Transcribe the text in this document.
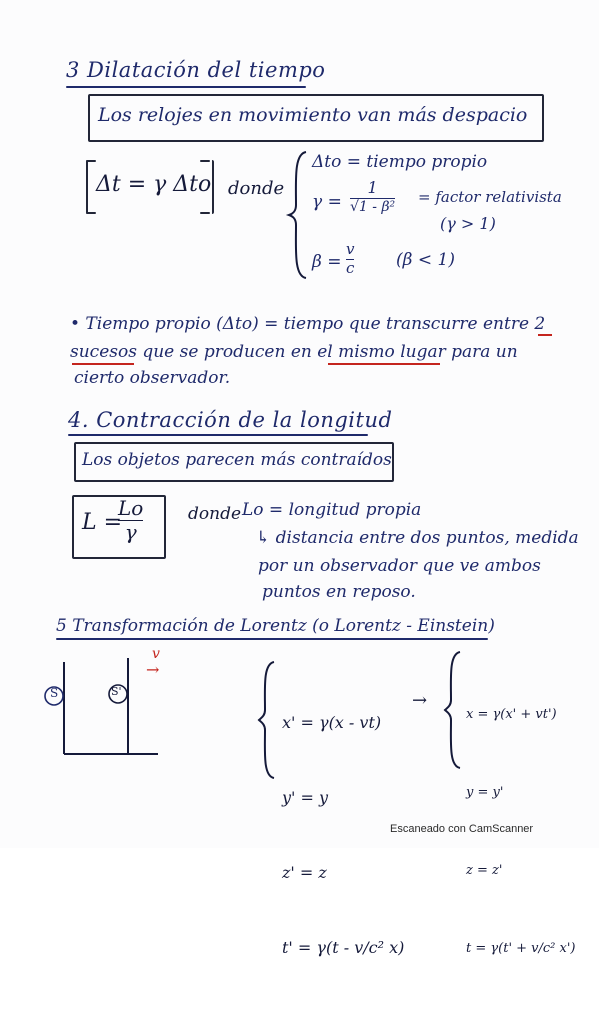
3 Dilatación del tiempo
Los relojes en movimiento van más despacio
Δt = γ Δto donde
Δto = tiempo propio
$\gamma = \frac{1}{\text{√1 - β²}}$ = factor relativista
(γ > 1)
$\beta = \frac{v}{c} (\beta < 1)$
• Tiempo propio (Δto) = tiempo que transcurre entre 2
sucesos que se producen en el mismo lugar para un
cierto observador.
4. Contracción de la longitud
Los objetos parecen más contraídos
L =
$\frac{Lo}{\gamma}$	donde Lo = longitud propia
↳ distancia entre dos puntos, medida
por un observador que ve ambos
puntos en reposo.
5 Transformación de Lorentz (o Lorentz - Einstein)
S	S'
v
→

x' = γ(x - vt)

y' = y

z' = z

t' = γ(t - v/c² x)

→

x = γ(x' + vt')

y = y'

z = z'

t = γ(t' + v/c² x')

Escaneado con CamScanner
